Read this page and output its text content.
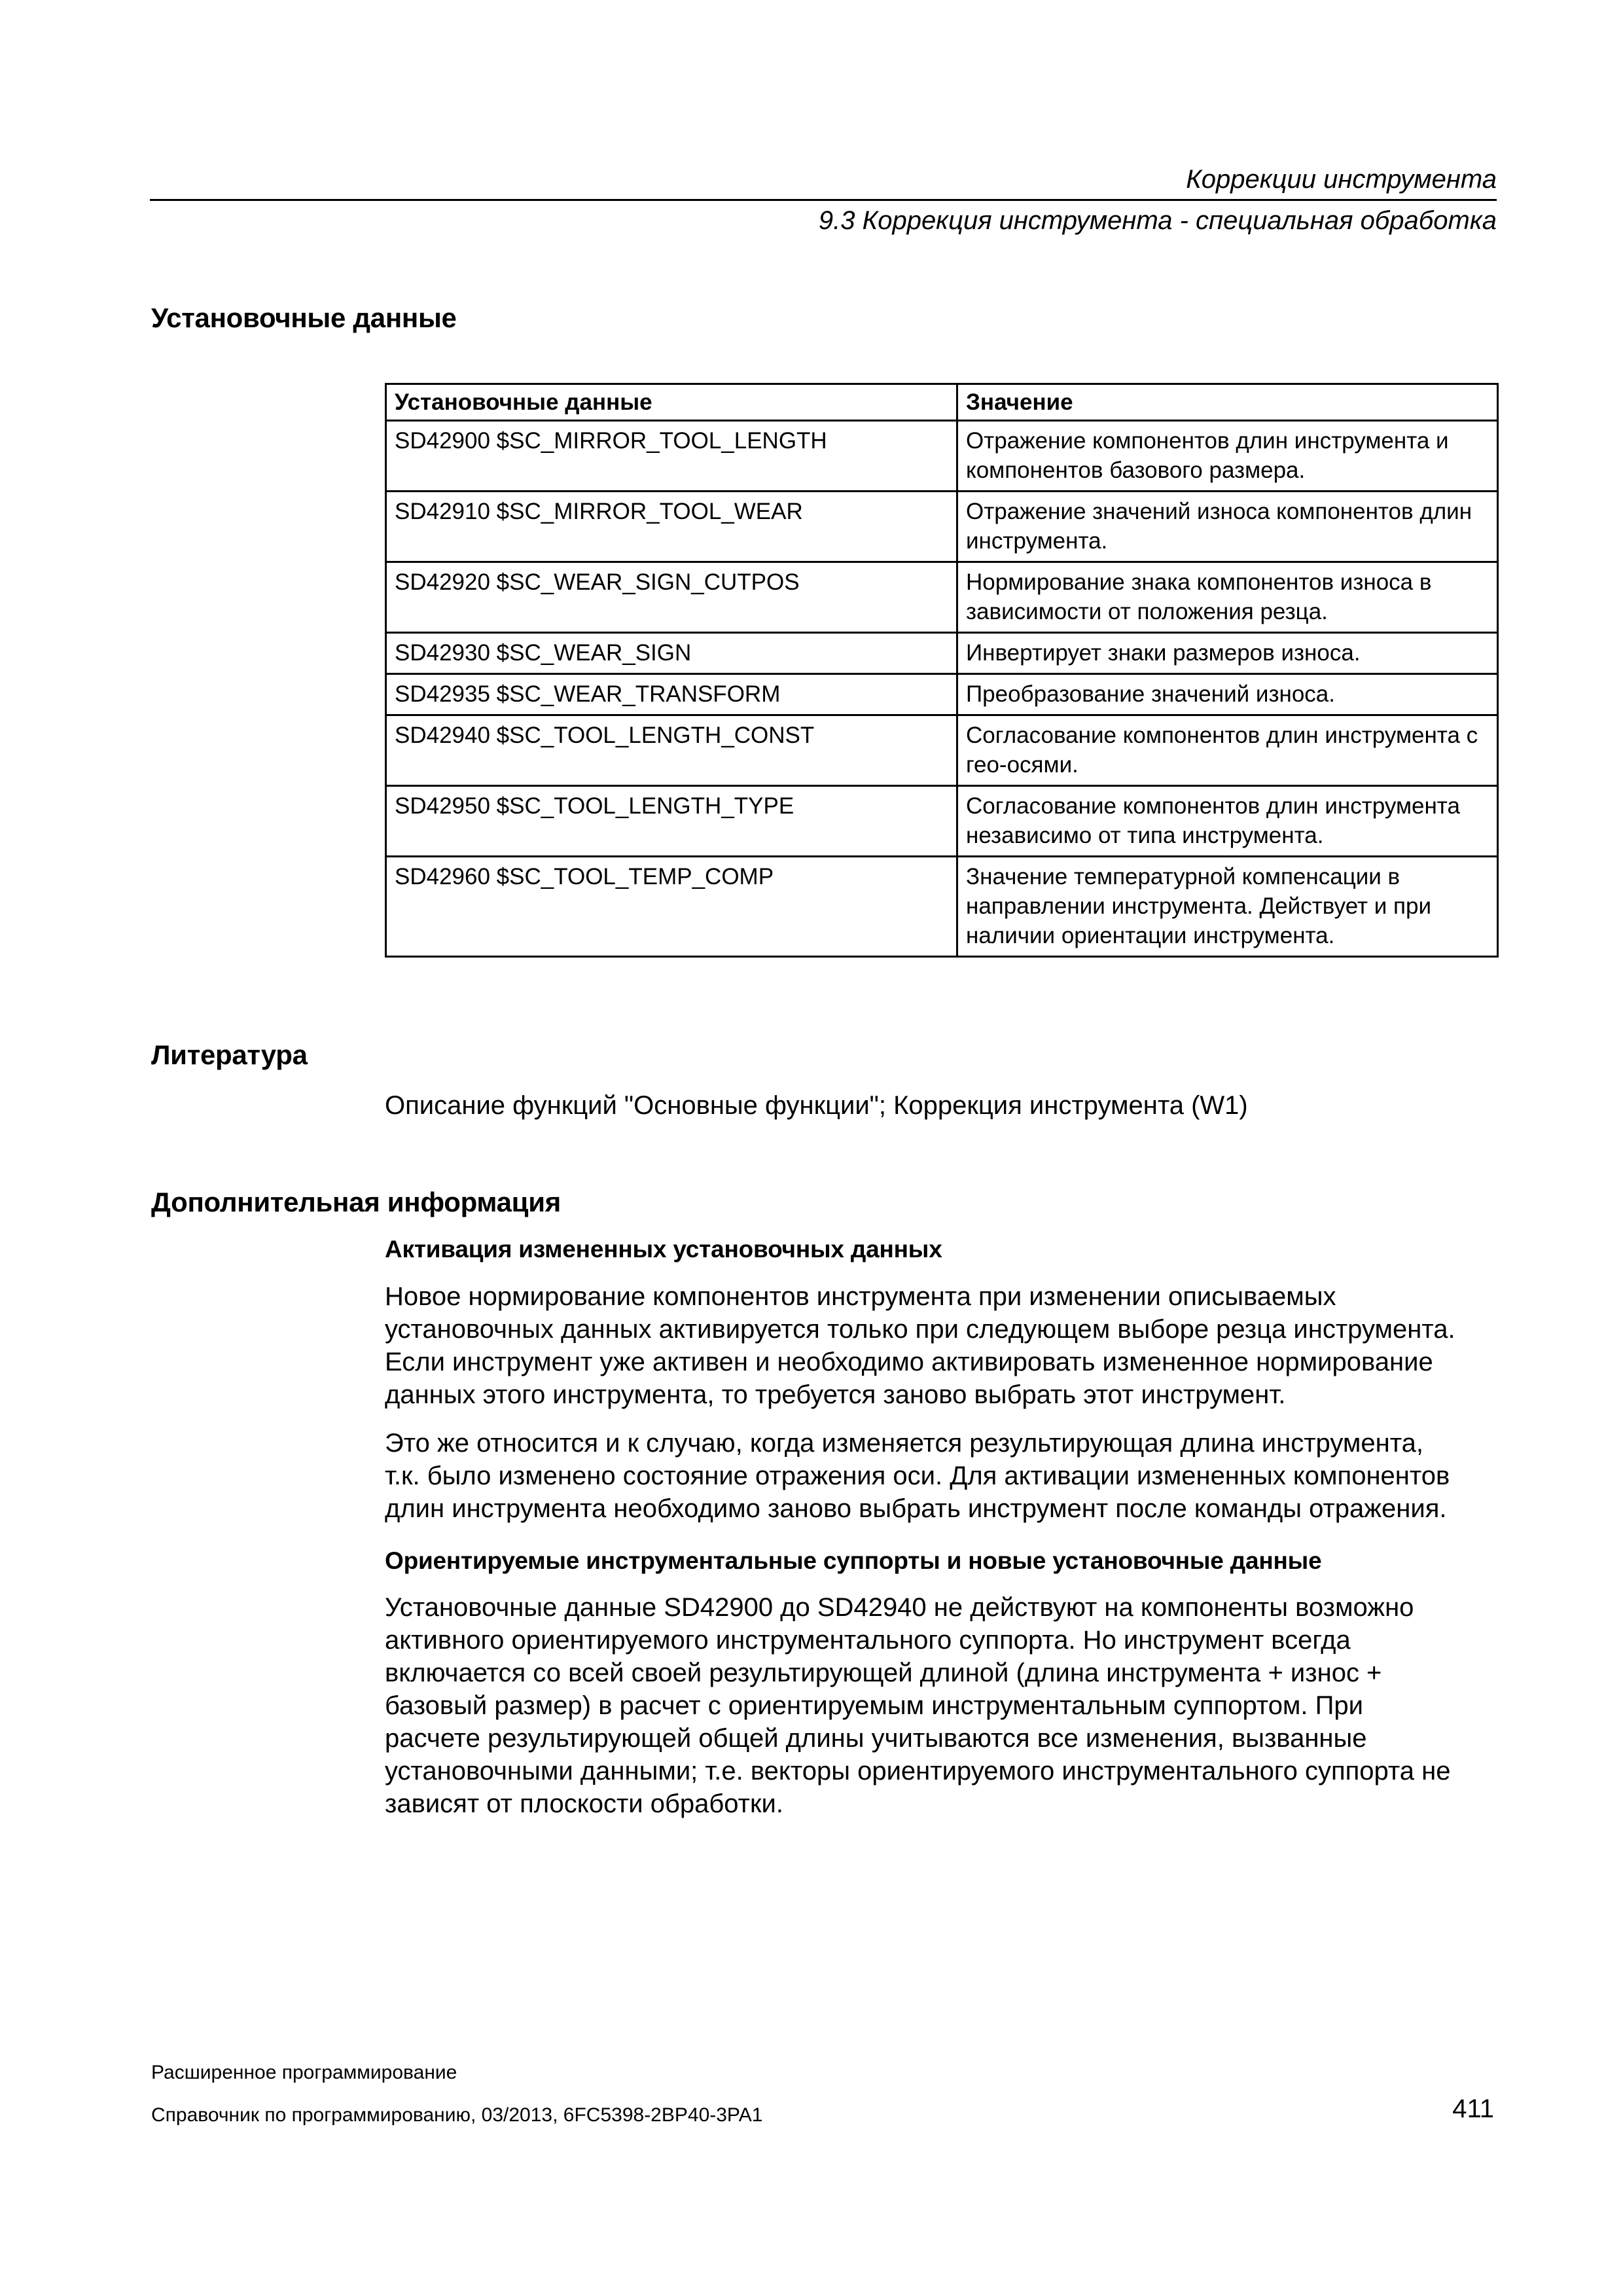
Коррекции инструмента
9.3 Коррекция инструмента - специальная обработка
Установочные данные
Установочные данные	Значение
SD42900 $SC_MIRROR_TOOL_LENGTH	Отражение компонентов длин инструмента и компонентов базового размера.
SD42910 $SC_MIRROR_TOOL_WEAR	Отражение значений износа компонентов длин инструмента.
SD42920 $SC_WEAR_SIGN_CUTPOS	Нормирование знака компонентов износа в зависимости от положения резца.
SD42930 $SC_WEAR_SIGN	Инвертирует знаки размеров износа.
SD42935 $SC_WEAR_TRANSFORM	Преобразование значений износа.
SD42940 $SC_TOOL_LENGTH_CONST	Согласование компонентов длин инструмента с гео-осями.
SD42950 $SC_TOOL_LENGTH_TYPE	Согласование компонентов длин инструмента независимо от типа инструмента.
SD42960 $SC_TOOL_TEMP_COMP	Значение температурной компенсации в направлении инструмента. Действует и при наличии ориентации инструмента.
Литература

Описание функций "Основные функции"; Коррекция инструмента (W1)

Дополнительная информация
Активация измененных установочных данных

Новое нормирование компонентов инструмента при изменении описываемых
установочных данных активируется только при следующем выборе резца инструмента.
Если инструмент уже активен и необходимо активировать измененное нормирование
данных этого инструмента, то требуется заново выбрать этот инструмент.

Это же относится и к случаю, когда изменяется результирующая длина инструмента,
т.к. было изменено состояние отражения оси. Для активации измененных компонентов
длин инструмента необходимо заново выбрать инструмент после команды отражения.

Ориентируемые инструментальные суппорты и новые установочные данные

Установочные данные SD42900 до SD42940 не действуют на компоненты возможно
активного ориентируемого инструментального суппорта. Но инструмент всегда
включается со всей своей результирующей длиной (длина инструмента + износ +
базовый размер) в расчет с ориентируемым инструментальным суппортом. При
расчете результирующей общей длины учитываются все изменения, вызванные
установочными данными; т.е. векторы ориентируемого инструментального суппорта не
зависят от плоскости обработки.

Расширенное программирование
Справочник по программированию, 03/2013, 6FC5398-2BP40-3PA1	411
